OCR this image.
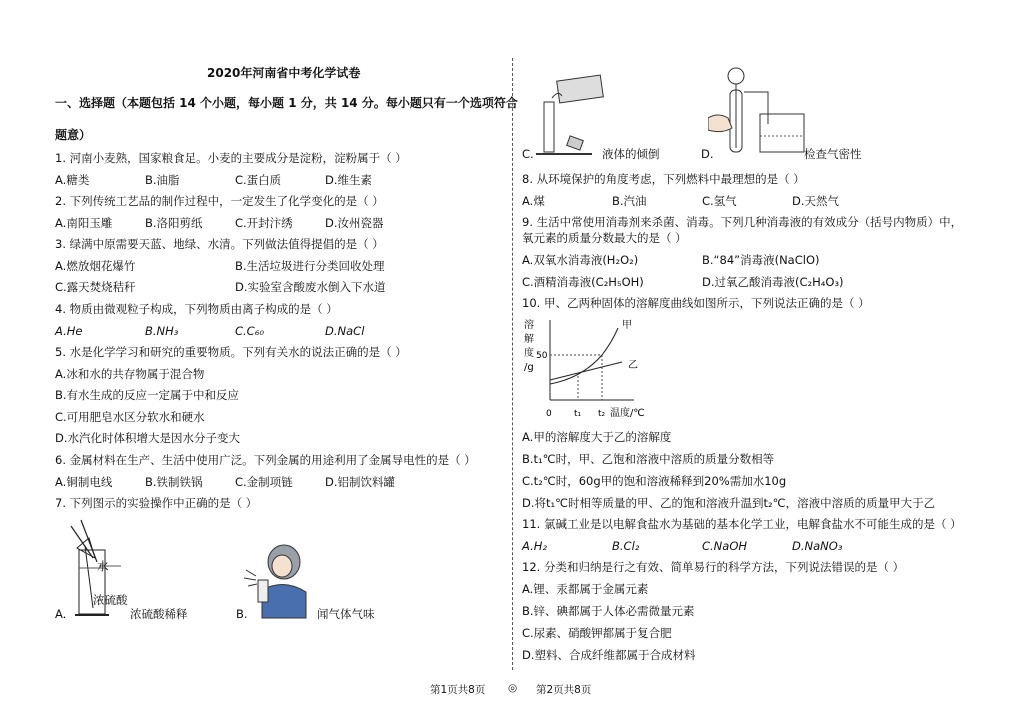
2020年河南省中考化学试卷
一、选择题（本题包括 14 个小题，每小题 1 分，共 14 分。每小题只有一个选项符合
题意）
1. 河南小麦熟，国家粮食足。小麦的主要成分是淀粉，淀粉属于（ ）
A.糖类	B.油脂	C.蛋白质	D.维生素
2. 下列传统工艺品的制作过程中，一定发生了化学变化的是（ ）
A.南阳玉雕	B.洛阳剪纸	C.开封汴绣	D.汝州瓷器
3. 绿满中原需要天蓝、地绿、水清。下列做法值得提倡的是（ ）
A.燃放烟花爆竹	B.生活垃圾进行分类回收处理
C.露天焚烧秸秆	D.实验室含酸废水倒入下水道
4. 物质由微观粒子构成，下列物质由离子构成的是（ ）
A.He	B.NH₃	C.C₆₀	D.NaCl
5. 水是化学学习和研究的重要物质。下列有关水的说法正确的是（ ）
A.冰和水的共存物属于混合物
B.有水生成的反应一定属于中和反应
C.可用肥皂水区分软水和硬水
D.水汽化时体积增大是因水分子变大
6. 金属材料在生产、生活中使用广泛。下列金属的用途利用了金属导电性的是（ ）
A.铜制电线	B.铁制铁锅	C.金制项链	D.铝制饮料罐
7. 下列图示的实验操作中正确的是（ ）
水
浓硫酸
A.	浓硫酸稀释	B.	闻气体气味
C.	液体的倾倒	D.	检查气密性
8. 从环境保护的角度考虑，下列燃料中最理想的是（ ）
A.煤	B.汽油	C.氢气	D.天然气
9. 生活中常使用消毒剂来杀菌、消毒。下列几种消毒液的有效成分（括号内物质）中，
氧元素的质量分数最大的是（ ）
A.双氧水消毒液(H₂O₂)	B.“84”消毒液(NaClO)
C.酒精消毒液(C₂H₅OH)	D.过氧乙酸消毒液(C₂H₄O₃)
10. 甲、乙两种固体的溶解度曲线如图所示，下列说法正确的是（ ）
溶
解
度
/g
50
0 t₁ t₂ 温度/℃
甲
乙
A.甲的溶解度大于乙的溶解度
B.t₁℃时，甲、乙饱和溶液中溶质的质量分数相等
C.t₂℃时，60g甲的饱和溶液稀释到20%需加水10g
D.将t₁℃时相等质量的甲、乙的饱和溶液升温到t₂℃，溶液中溶质的质量甲大于乙
11. 氯碱工业是以电解食盐水为基础的基本化学工业，电解食盐水不可能生成的是（ ）
A.H₂	B.Cl₂	C.NaOH	D.NaNO₃
12. 分类和归纳是行之有效、简单易行的科学方法，下列说法错误的是（ ）
A.锂、汞都属于金属元素
B.锌、碘都属于人体必需微量元素
C.尿素、硝酸钾都属于复合肥
D.塑料、合成纤维都属于合成材料
第1页共8页 ◎ 第2页共8页
